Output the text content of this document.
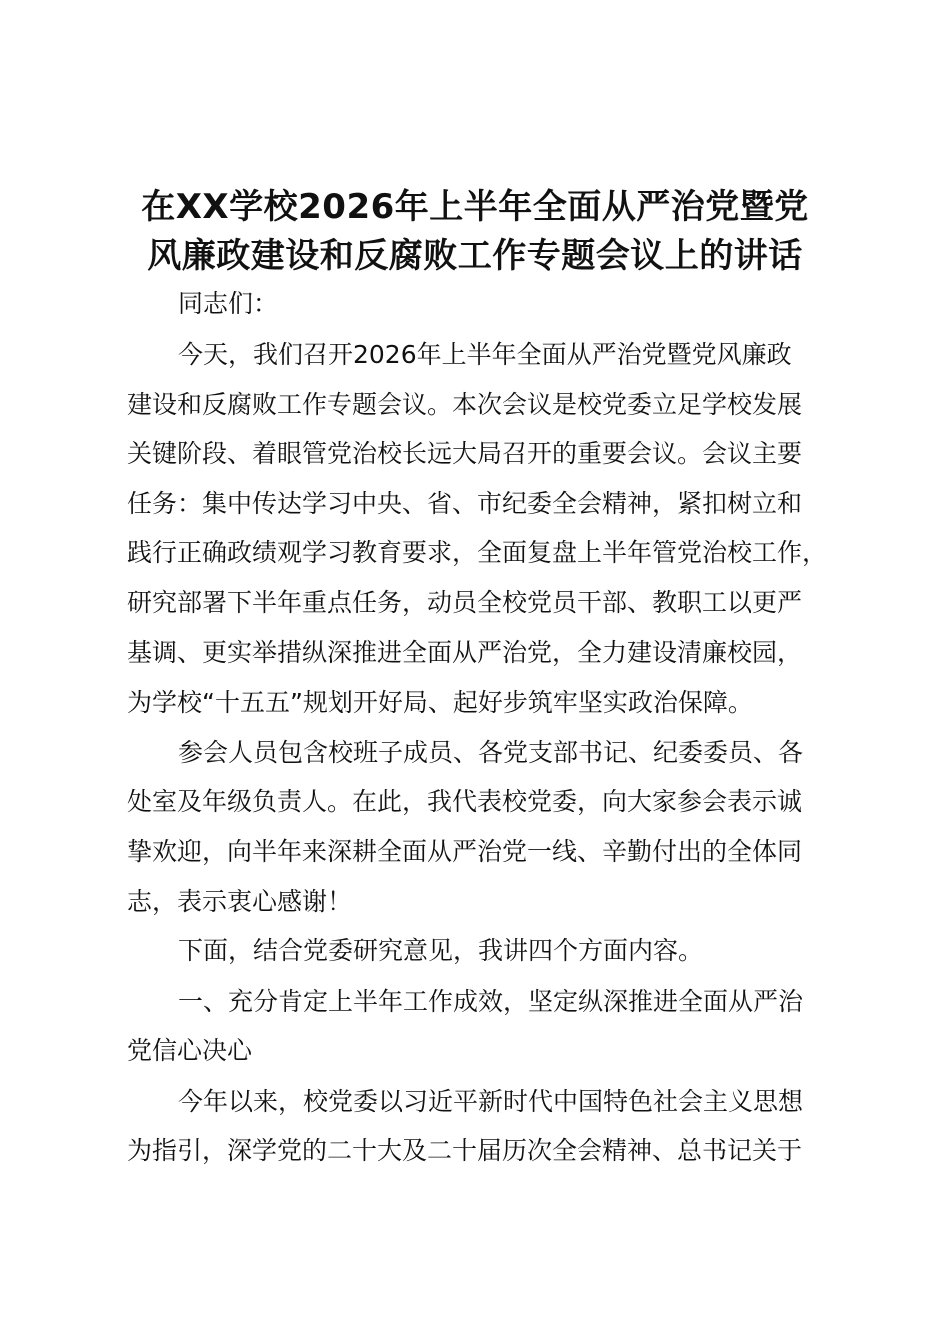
在XX学校2026年上半年全面从严治党暨党
风廉政建设和反腐败工作专题会议上的讲话
同志们：
今天，我们召开2026年上半年全面从严治党暨党风廉政
建设和反腐败工作专题会议。本次会议是校党委立足学校发展
关键阶段、着眼管党治校长远大局召开的重要会议。会议主要
任务：集中传达学习中央、省、市纪委全会精神，紧扣树立和
践行正确政绩观学习教育要求，全面复盘上半年管党治校工作，
研究部署下半年重点任务，动员全校党员干部、教职工以更严
基调、更实举措纵深推进全面从严治党，全力建设清廉校园，
为学校“十五五”规划开好局、起好步筑牢坚实政治保障。
参会人员包含校班子成员、各党支部书记、纪委委员、各
处室及年级负责人。在此，我代表校党委，向大家参会表示诚
挚欢迎，向半年来深耕全面从严治党一线、辛勤付出的全体同
志，表示衷心感谢！
下面，结合党委研究意见，我讲四个方面内容。
一、充分肯定上半年工作成效，坚定纵深推进全面从严治
党信心决心
今年以来，校党委以习近平新时代中国特色社会主义思想
为指引，深学党的二十大及二十届历次全会精神、总书记关于
